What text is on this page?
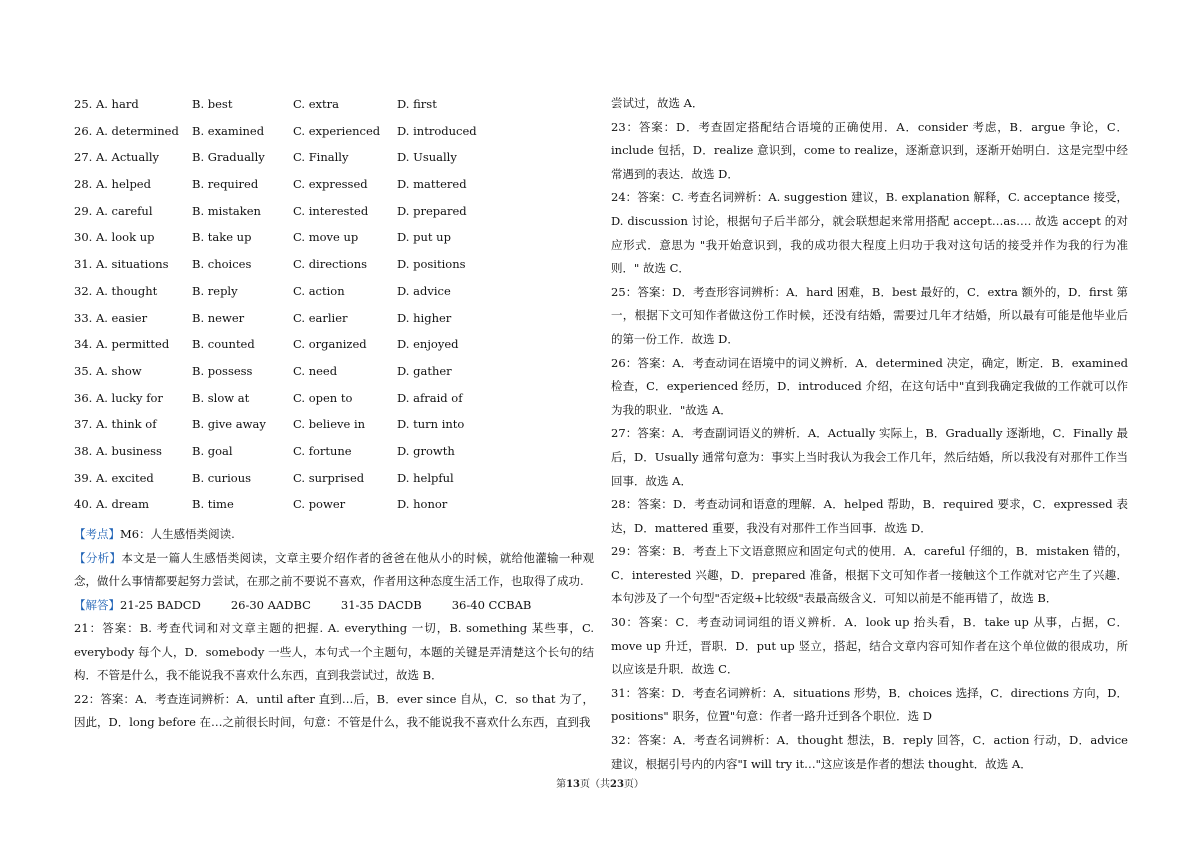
25. A. hard	B. best	C. extra	D. first
26. A. determined B. examined	C. experienced D. introduced
27. A. Actually	B. Gradually C. Finally	D. Usually
28. A. helped	B. required	C. expressed	D. mattered
29. A. careful	B. mistaken	C. interested	D. prepared
30. A. look up	B. take up	C. move up	D. put up
31. A. situations B. choices	C. directions	D. positions
32. A. thought	B. reply	C. action	D. advice
33. A. easier	B. newer	C. earlier	D. higher
34. A. permitted B. counted	C. organized	D. enjoyed
35. A. show	B. possess	C. need	D. gather
36. A. lucky for	B. slow at	C. open to	D. afraid of
37. A. think of	B. give away C. believe in	D. turn into
38. A. business	B. goal	C. fortune	D. growth
39. A. excited	B. curious	C. surprised	D. helpful
40. A. dream	B. time	C. power	D. honor

【考点】M6：人生感悟类阅读.

【分析】本文是一篇人生感悟类阅读，文章主要介绍作者的爸爸在他从小的时候，就给他灌输一种观念，做什么事情都要起努力尝试，在那之前不要说不喜欢，作者用这种态度生活工作，也取得了成功.

【解答】21-25 BADCD	26-30 AADBC	31-35 DACDB	36-40 CCBAB

21：答案：B. 考查代词和对文章主题的把握. A. everything 一切，B. something 某些事，C. everybody 每个人，D．somebody 一些人，本句式一个主题句，本题的关键是弄清楚这个长句的结构．不管是什么，我不能说我不喜欢什么东西，直到我尝试过，故选 B．

22：答案：A．考查连词辨析：A．until after 直到…后，B．ever since 自从，C．so that 为了，因此，D．long before 在…之前很长时间，句意：不管是什么，我不能说我不喜欢什么东西，直到我

尝试过，故选 A．

23：答案：D．考查固定搭配结合语境的正确使用．A．consider 考虑，B．argue 争论，C．include 包括，D．realize 意识到，come to realize，逐渐意识到，逐渐开始明白．这是完型中经常遇到的表达．故选 D．

24：答案：C. 考查名词辨析：A. suggestion 建议，B. explanation 解释，C. acceptance 接受，D. discussion 讨论，根据句子后半部分，就会联想起来常用搭配 accept…as…. 故选 accept 的对应形式．意思为 "我开始意识到，我的成功很大程度上归功于我对这句话的接受并作为我的行为准则．" 故选 C．

25：答案：D．考查形容词辨析：A．hard 困难，B．best 最好的，C．extra 额外的，D．first 第一，根据下文可知作者做这份工作时候，还没有结婚，需要过几年才结婚，所以最有可能是他毕业后的第一份工作．故选 D．

26：答案：A．考查动词在语境中的词义辨析．A．determined 决定，确定，断定．B．examined 检查，C．experienced 经历，D．introduced 介绍，在这句话中"直到我确定我做的工作就可以作为我的职业．"故选 A．

27：答案：A．考查副词语义的辨析．A．Actually 实际上，B．Gradually 逐渐地，C．Finally 最后，D．Usually 通常句意为：事实上当时我认为我会工作几年，然后结婚，所以我没有对那件工作当回事．故选 A．

28：答案：D．考查动词和语意的理解．A．helped 帮助，B．required 要求，C．expressed 表达，D．mattered 重要，我没有对那件工作当回事．故选 D．

29：答案：B．考查上下文语意照应和固定句式的使用．A．careful 仔细的，B．mistaken 错的，C．interested 兴趣，D．prepared 准备，根据下文可知作者一接触这个工作就对它产生了兴趣．本句涉及了一个句型"否定级+比较级"表最高级含义．可知以前是不能再错了，故选 B．

30：答案：C．考查动词词组的语义辨析．A．look up 抬头看，B．take up 从事，占据，C．move up 升迁，晋职．D．put up 竖立，搭起，结合文章内容可知作者在这个单位做的很成功，所以应该是升职．故选 C．

31：答案：D．考查名词辨析：A．situations 形势，B．choices 选择，C．directions 方向，D．positions" 职务，位置"句意：作者一路升迁到各个职位．选 D

32：答案：A．考查名词辨析：A．thought 想法，B．reply 回答，C．action 行动，D．advice 建议，根据引号内的内容"I will try it…"这应该是作者的想法 thought．故选 A．

第13页（共23页）
